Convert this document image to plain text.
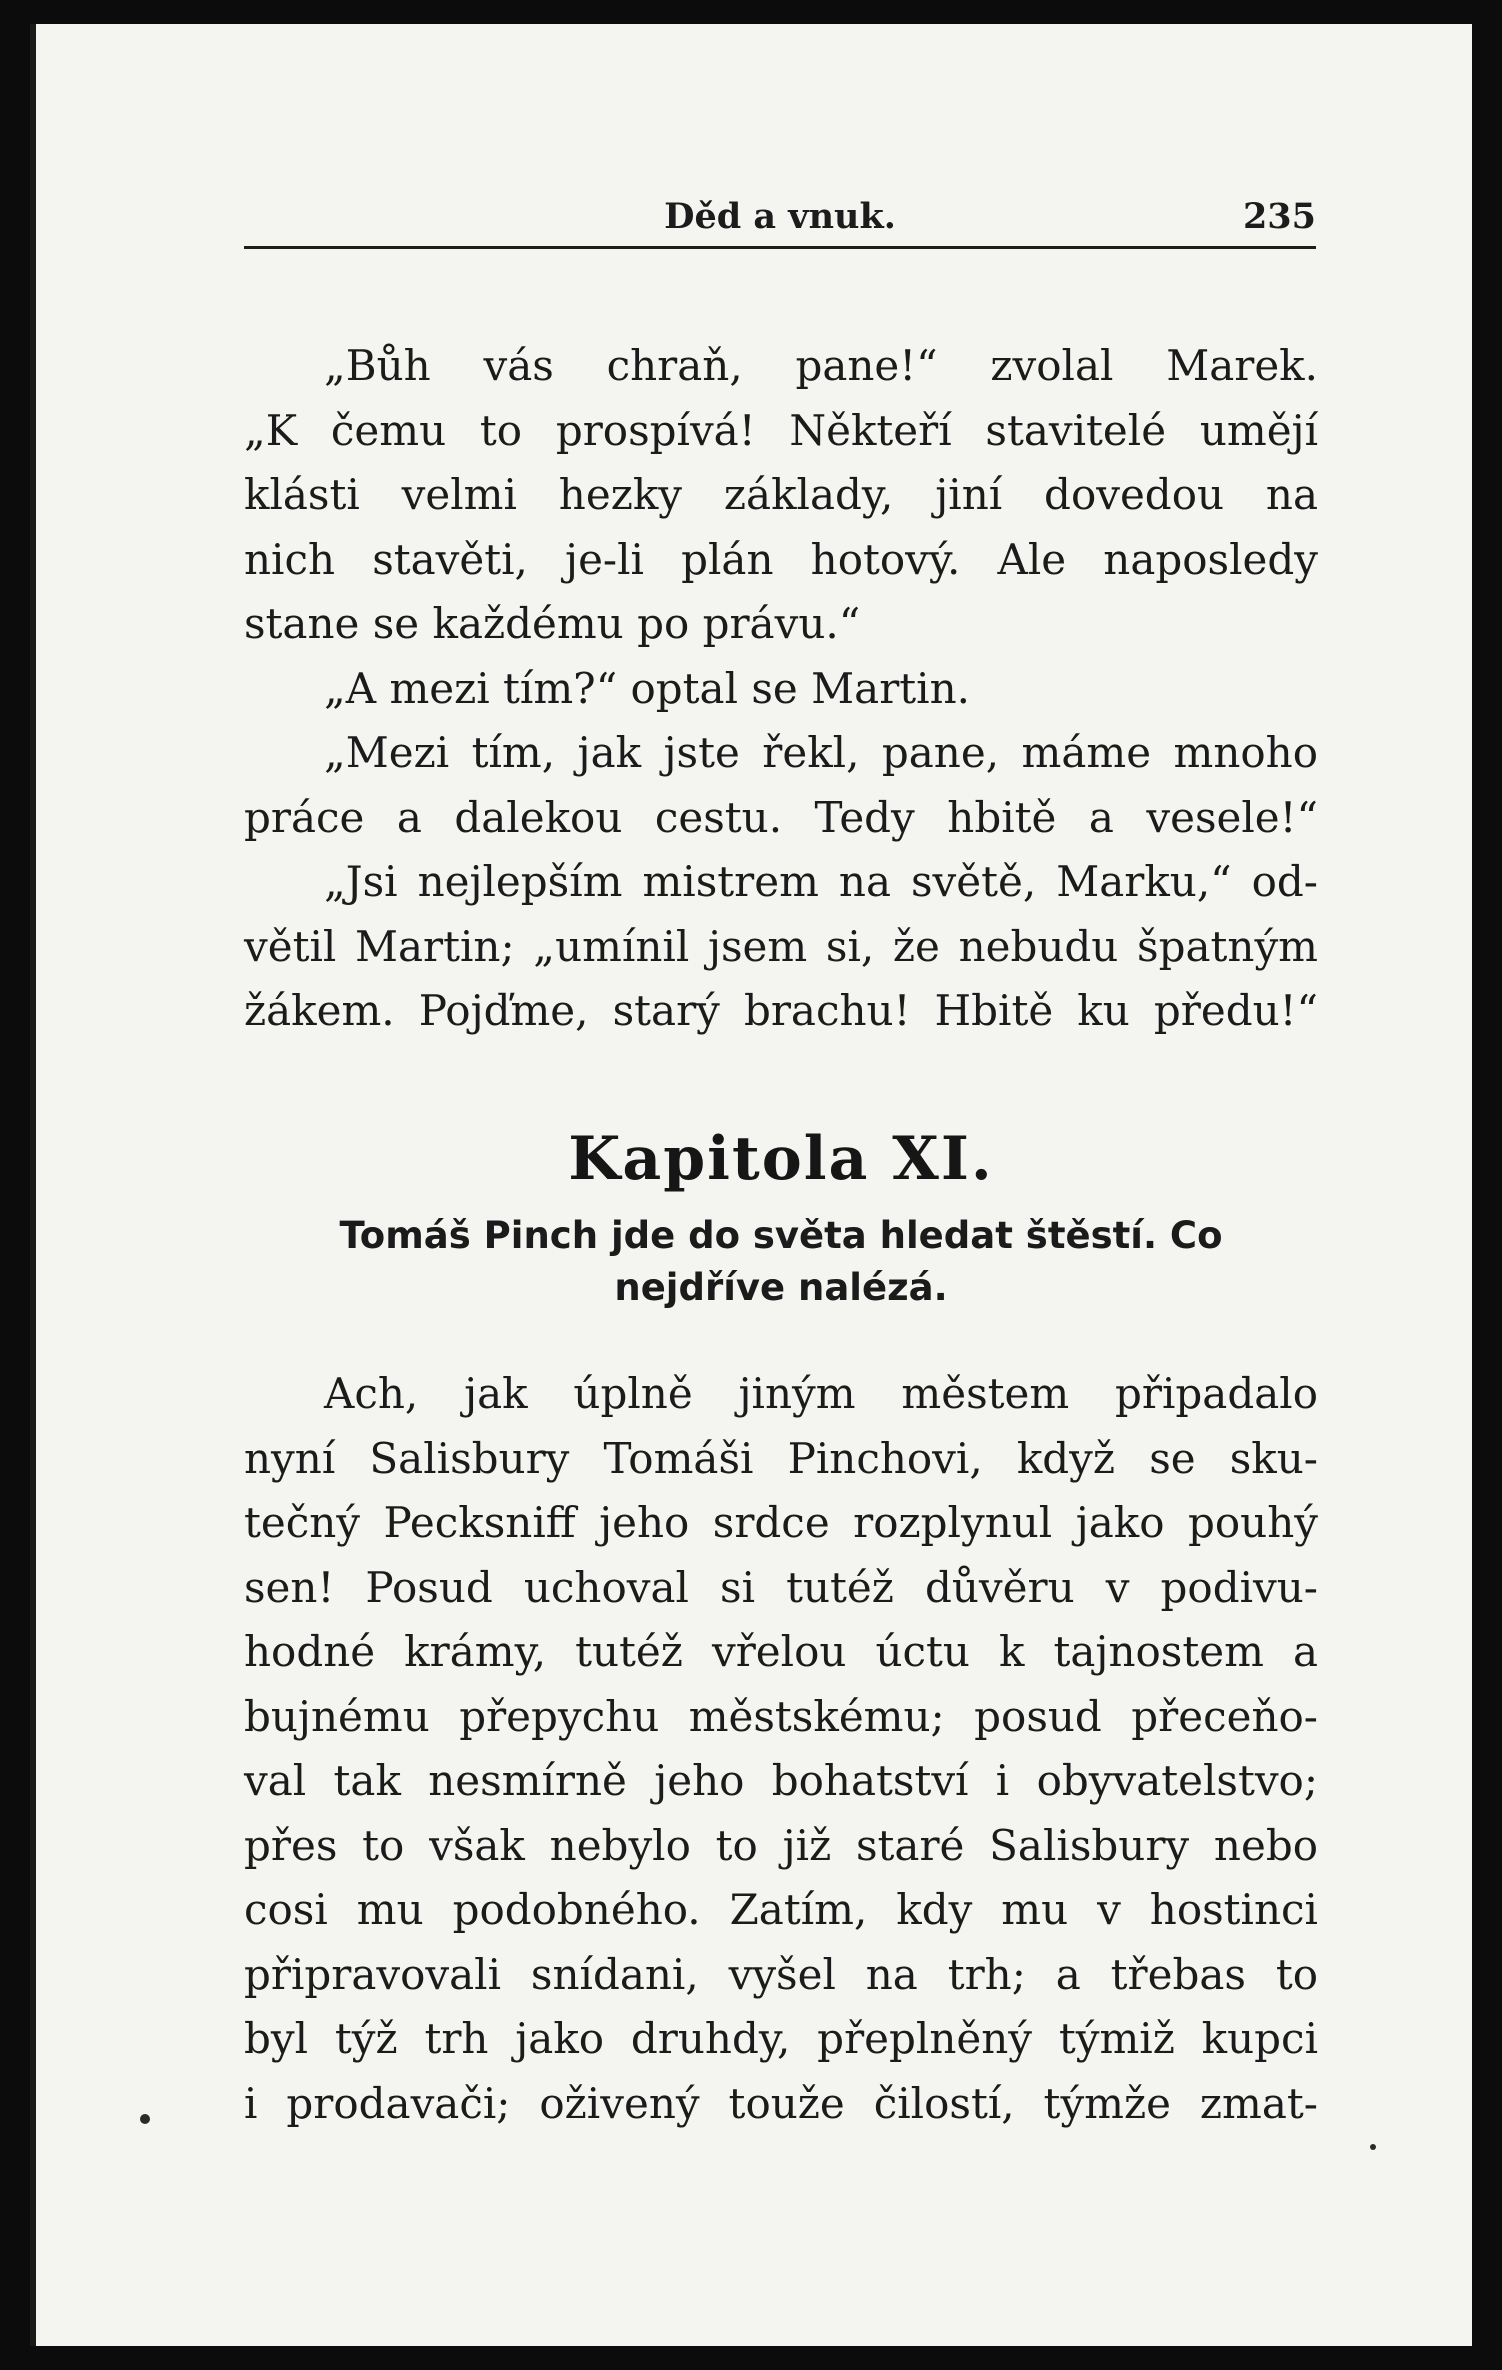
Děd a vnuk.	235
„Bůh vás chraň, pane!“ zvolal Marek.
„K čemu to prospívá! Někteří stavitelé umějí
klásti velmi hezky základy, jiní dovedou na
nich stavěti, je-li plán hotový. Ale naposledy
stane se každému po právu.“
„A mezi tím?“ optal se Martin.
„Mezi tím, jak jste řekl, pane, máme mnoho
práce a dalekou cestu. Tedy hbitě a vesele!“
„Jsi nejlepším mistrem na světě, Marku,“ od-
větil Martin; „umínil jsem si, že nebudu špatným
žákem. Pojďme, starý brachu! Hbitě ku předu!“
Kapitola XI.
Tomáš Pinch jde do světa hledat štěstí. Co
nejdříve nalézá.
Ach, jak úplně jiným městem připadalo
nyní Salisbury Tomáši Pinchovi, když se sku-
tečný Pecksniff jeho srdce rozplynul jako pouhý
sen! Posud uchoval si tutéž důvěru v podivu-
hodné krámy, tutéž vřelou úctu k tajnostem a
bujnému přepychu městskému; posud přeceňo-
val tak nesmírně jeho bohatství i obyvatelstvo;
přes to však nebylo to již staré Salisbury nebo
cosi mu podobného. Zatím, kdy mu v hostinci
připravovali snídani, vyšel na trh; a třebas to
byl týž trh jako druhdy, přeplněný týmiž kupci
i prodavači; oživený touže čilostí, týmže zmat-
